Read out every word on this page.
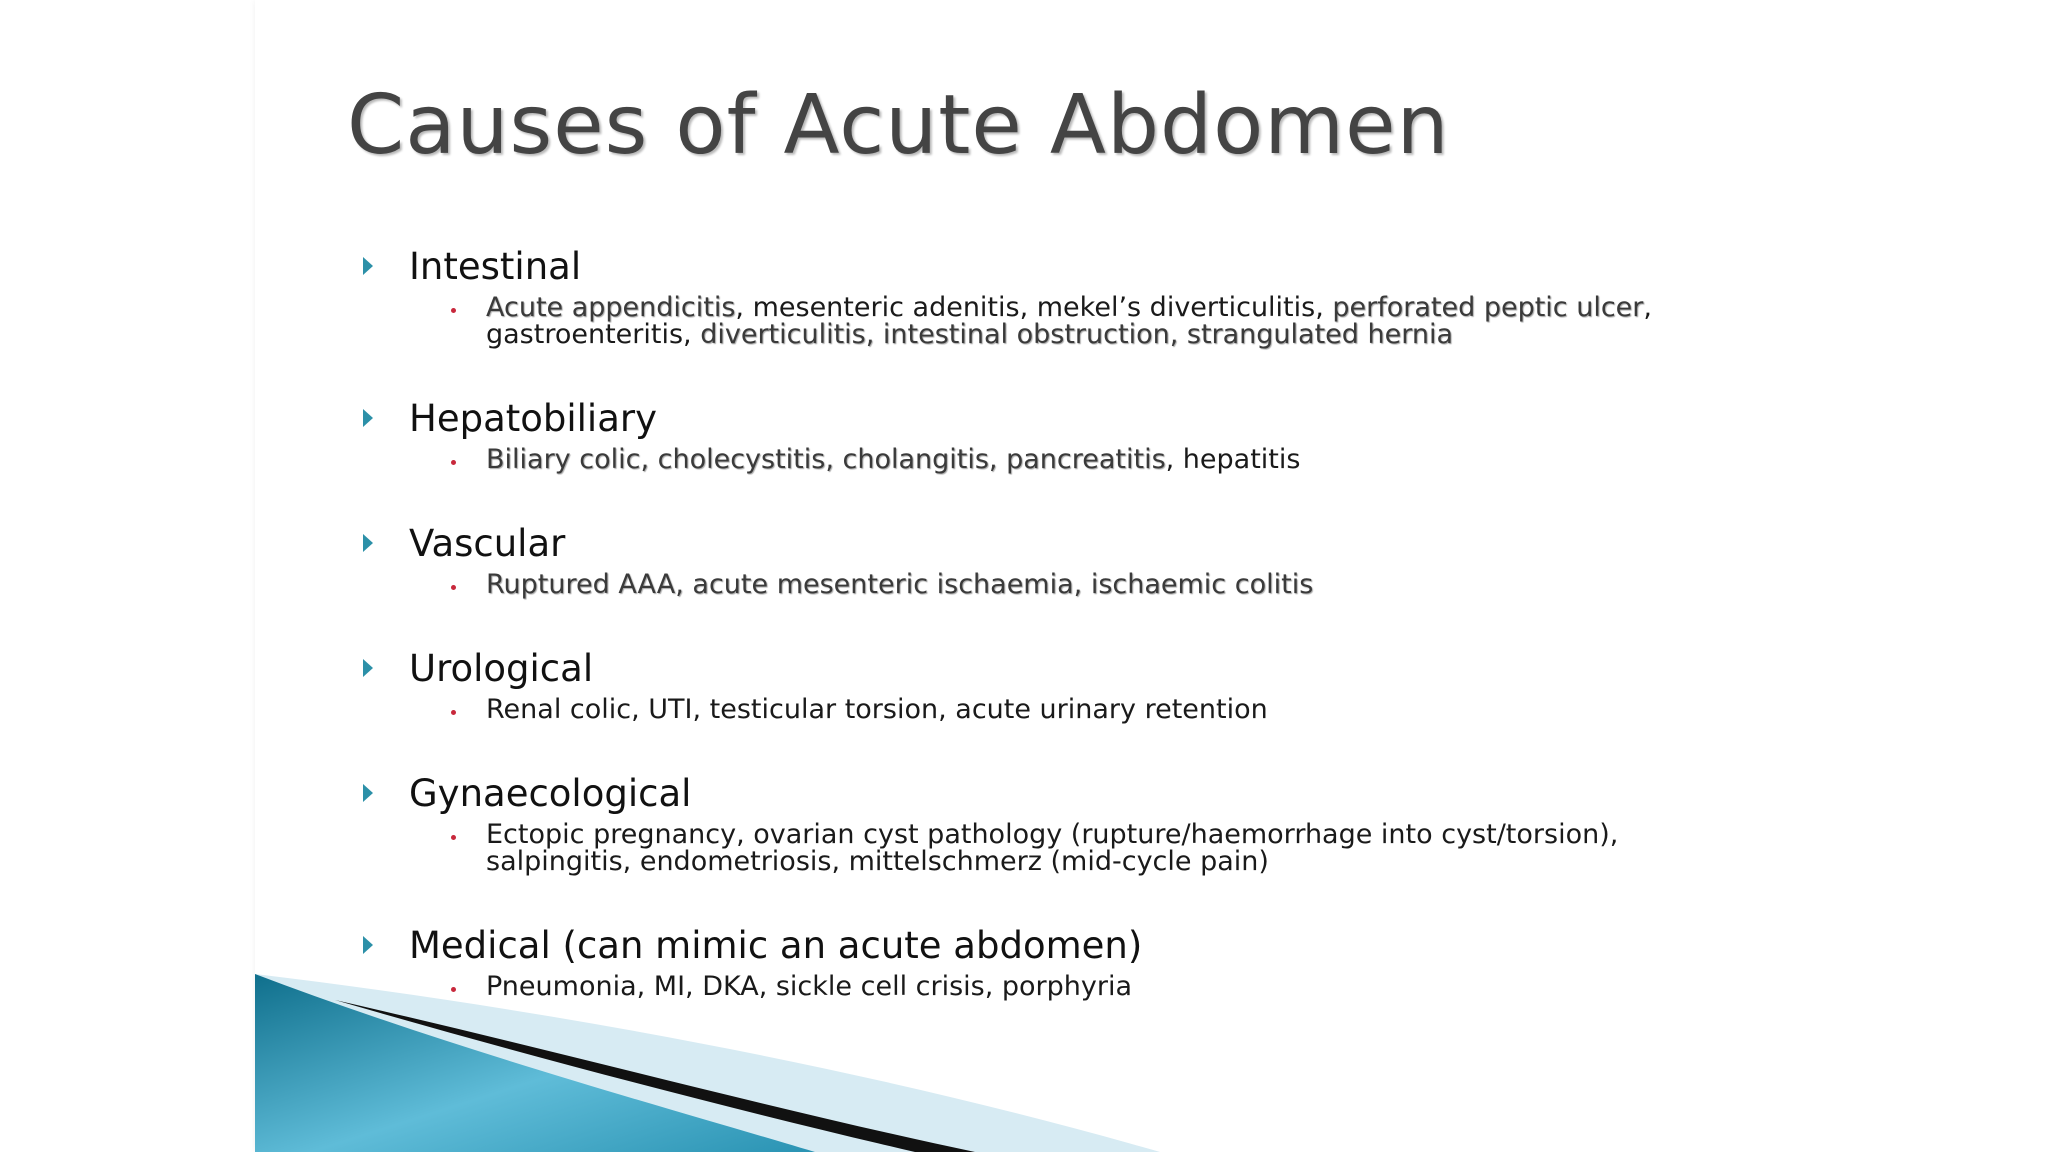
Causes of Acute Abdomen
Intestinal
Acute appendicitis, mesenteric adenitis, mekel’s diverticulitis, perforated peptic ulcer, gastroenteritis, diverticulitis, intestinal obstruction, strangulated hernia
Hepatobiliary
Biliary colic, cholecystitis, cholangitis, pancreatitis, hepatitis
Vascular
Ruptured AAA, acute mesenteric ischaemia, ischaemic colitis
Urological
Renal colic, UTI, testicular torsion, acute urinary retention
Gynaecological
Ectopic pregnancy, ovarian cyst pathology (rupture/haemorrhage into cyst/torsion), salpingitis, endometriosis, mittelschmerz (mid-cycle pain)
Medical (can mimic an acute abdomen)
Pneumonia, MI, DKA, sickle cell crisis, porphyria
